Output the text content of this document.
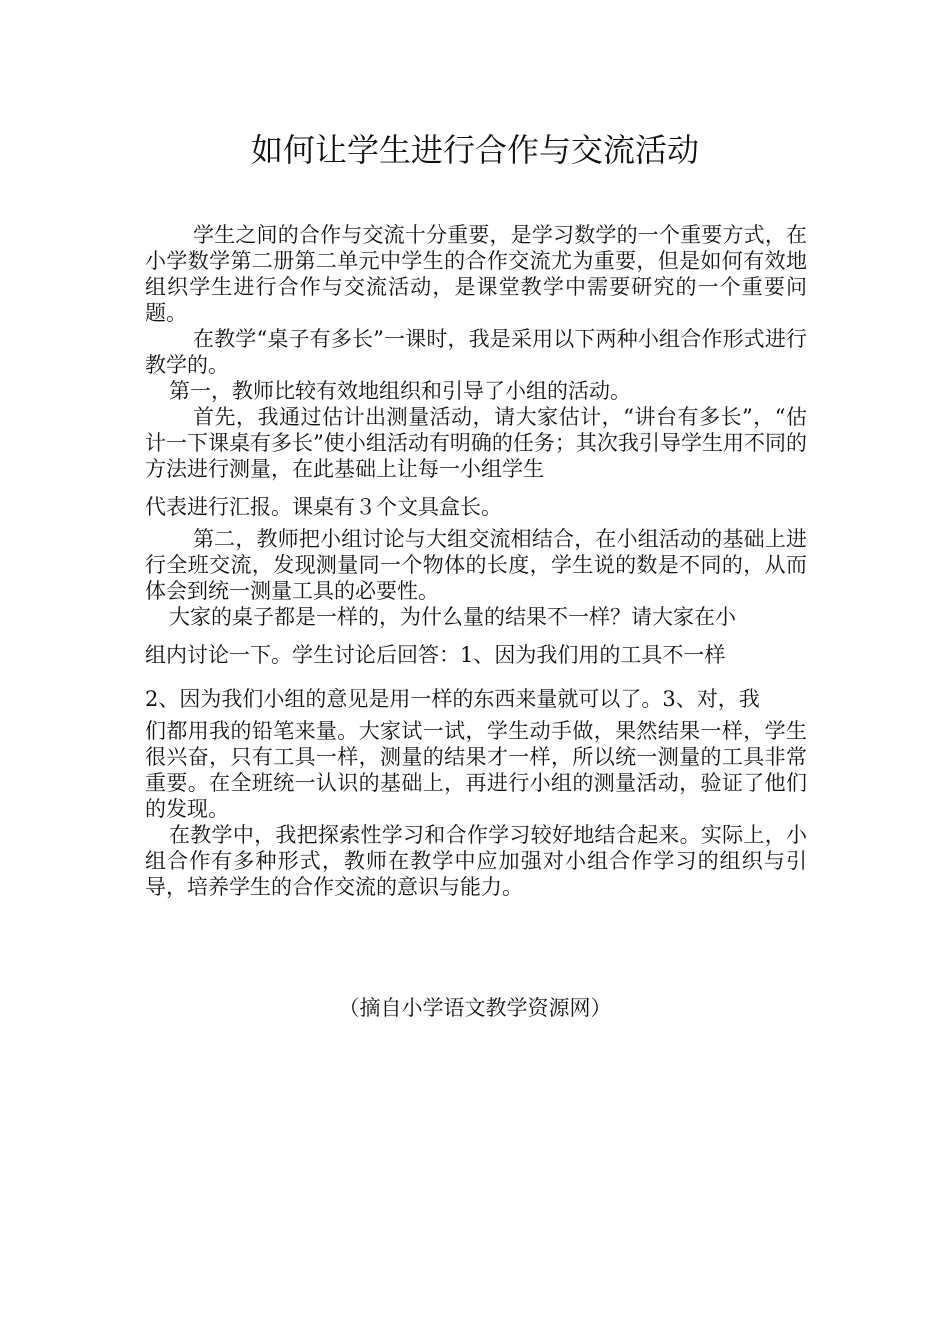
如何让学生进行合作与交流活动

学生之间的合作与交流十分重要，是学习数学的一个重要方式，在小学数学第二册第二单元中学生的合作交流尤为重要，但是如何有效地组织学生进行合作与交流活动，是课堂教学中需要研究的一个重要问题。

在教学“桌子有多长”一课时，我是采用以下两种小组合作形式进行教学的。

第一，教师比较有效地组织和引导了小组的活动。

首先，我通过估计出测量活动，请大家估计，“讲台有多长”，“估计一下课桌有多长”使小组活动有明确的任务；其次我引导学生用不同的方法进行测量，在此基础上让每一小组学生

代表进行汇报。课桌有３个文具盒长。

第二，教师把小组讨论与大组交流相结合，在小组活动的基础上进行全班交流，发现测量同一个物体的长度，学生说的数是不同的，从而体会到统一测量工具的必要性。

大家的桌子都是一样的，为什么量的结果不一样？请大家在小

组内讨论一下。学生讨论后回答：1、因为我们用的工具不一样

2、因为我们小组的意见是用一样的东西来量就可以了。3、对，我

们都用我的铅笔来量。大家试一试，学生动手做，果然结果一样，学生很兴奋，只有工具一样，测量的结果才一样，所以统一测量的工具非常重要。在全班统一认识的基础上，再进行小组的测量活动，验证了他们的发现。

在教学中，我把探索性学习和合作学习较好地结合起来。实际上，小组合作有多种形式，教师在教学中应加强对小组合作学习的组织与引导，培养学生的合作交流的意识与能力。

（摘自小学语文教学资源网）
